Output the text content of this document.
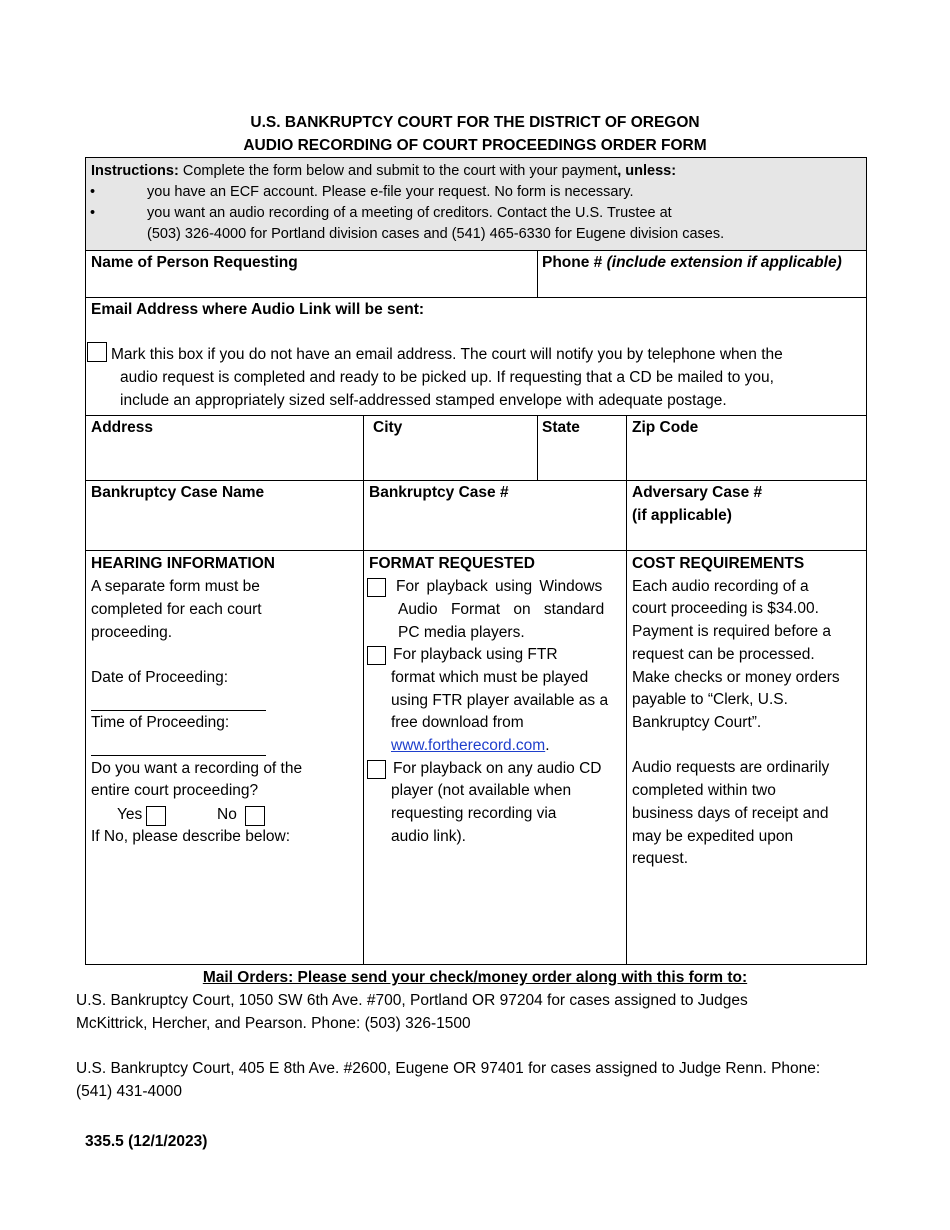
U.S. BANKRUPTCY COURT FOR THE DISTRICT OF OREGON
AUDIO RECORDING OF COURT PROCEEDINGS ORDER FORM
Instructions: Complete the form below and submit to the court with your payment, unless:
•	you have an ECF account. Please e-file your request. No form is necessary.
•	you want an audio recording of a meeting of creditors. Contact the U.S. Trustee at
(503) 326-4000 for Portland division cases and (541) 465-6330 for Eugene division cases.
Name of Person Requesting	Phone # (include extension if applicable)
Email Address where Audio Link will be sent:
Mark this box if you do not have an email address. The court will notify you by telephone when the
audio request is completed and ready to be picked up. If requesting that a CD be mailed to you,
include an appropriately sized self-addressed stamped envelope with adequate postage.
Address	City	State	Zip Code
Bankruptcy Case Name	Bankruptcy Case #	Adversary Case #
(if applicable)
HEARING INFORMATION
A separate form must be
completed for each court
proceeding.
Date of Proceeding:
Time of Proceeding:
Do you want a recording of the
entire court proceeding?
Yes	No
If No, please describe below:
FORMAT REQUESTED
For playback using Windows
Audio Format on standard
PC media players.
For playback using FTR
format which must be played
using FTR player available as a
free download from
www.fortherecord.com.
For playback on any audio CD
player (not available when
requesting recording via
audio link).
COST REQUIREMENTS
Each audio recording of a
court proceeding is $34.00.
Payment is required before a
request can be processed.
Make checks or money orders
payable to “Clerk, U.S.
Bankruptcy Court”.
Audio requests are ordinarily
completed within two
business days of receipt and
may be expedited upon
request.
Mail Orders: Please send your check/money order along with this form to:
U.S. Bankruptcy Court, 1050 SW 6th Ave. #700, Portland OR 97204 for cases assigned to Judges
McKittrick, Hercher, and Pearson. Phone: (503) 326-1500
U.S. Bankruptcy Court, 405 E 8th Ave. #2600, Eugene OR 97401 for cases assigned to Judge Renn. Phone:
(541) 431-4000
335.5 (12/1/2023)
